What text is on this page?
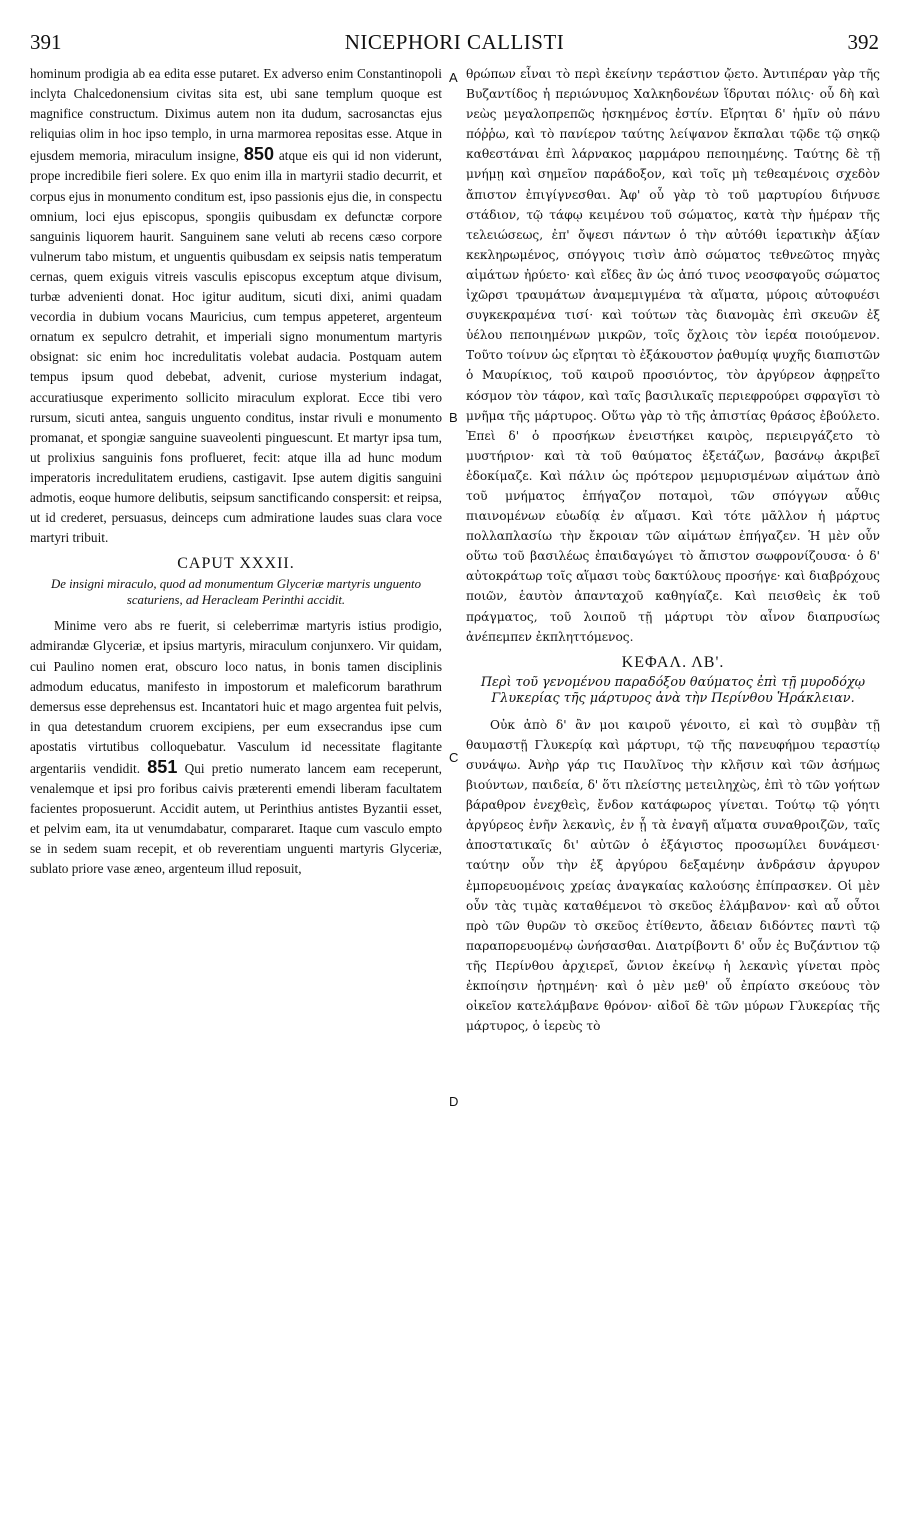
391	NICEPHORI CALLISTI	392
A
B
C
D

hominum prodigia ab ea edita esse putaret. Ex adverso enim Constantinopoli inclyta Chalcedonensium civitas sita est, ubi sane templum quoque est magnifice constructum. Diximus autem non ita dudum, sacrosanctas ejus reliquias olim in hoc ipso templo, in urna marmorea repositas esse. Atque in ejusdem memoria, miraculum insigne, 850 atque eis qui id non viderunt, prope incredibile fieri solere. Ex quo enim illa in martyrii stadio decurrit, et corpus ejus in monumento conditum est, ipso passionis ejus die, in conspectu omnium, loci ejus episcopus, spongiis quibusdam ex defunctæ corpore sanguinis liquorem haurit. Sanguinem sane veluti ab recens cæso corpore vulnerum tabo mistum, et unguentis quibusdam ex seipsis natis temperatum cernas, quem exiguis vitreis vasculis episcopus exceptum atque divisum, turbæ advenienti donat. Hoc igitur auditum, sicuti dixi, animi quadam vecordia in dubium vocans Mauricius, cum tempus appeteret, argenteum ornatum ex sepulcro detrahit, et imperiali signo monumentum martyris obsignat: sic enim hoc incredulitatis volebat audacia. Postquam autem tempus ipsum quod debebat, advenit, curiose mysterium indagat, accuratiusque experimento sollicito miraculum explorat. Ecce tibi vero rursum, sicuti antea, sanguis unguento conditus, instar rivuli e monumento promanat, et spongiæ sanguine suaveolenti pinguescunt. Et martyr ipsa tum, ut prolixius sanguinis fons proflueret, fecit: atque illa ad hunc modum imperatoris incredulitatem erudiens, castigavit. Ipse autem digitis sanguini admotis, eoque humore delibutis, seipsum sanctificando conspersit: et reipsa, ut id crederet, persuasus, deinceps cum admiratione laudes suas clara voce martyri tribuit.

CAPUT XXXII.
De insigni miraculo, quod ad monumentum Glyceriæ martyris unguento scaturiens, ad Heracleam Perinthi accidit.

Minime vero abs re fuerit, si celeberrimæ martyris istius prodigio, admirandæ Glyceriæ, et ipsius martyris, miraculum conjunxero. Vir quidam, cui Paulino nomen erat, obscuro loco natus, in bonis tamen disciplinis admodum educatus, manifesto in impostorum et maleficorum barathrum demersus esse deprehensus est. Incantatori huic et mago argentea fuit pelvis, in qua detestandum cruorem excipiens, per eum exsecrandus ipse cum apostatis virtutibus colloquebatur. Vasculum id necessitate flagitante argentariis vendidit. 851 Qui pretio numerato lancem eam receperunt, venalemque et ipsi pro foribus caivis præterenti emendi liberam facultatem facientes proposuerunt. Accidit autem, ut Perinthius antistes Byzantii esset, et pelvim eam, ita ut venumdabatur, compararet. Itaque cum vasculo empto se in sedem suam recepit, et ob reverentiam unguenti martyris Glyceriæ, sublato priore vase æneo, argenteum illud reposuit,

θρώπων εἶναι τὸ περὶ ἐκείνην τεράστιον ᾤετο. Ἀντιπέραν γὰρ τῆς Βυζαντίδος ἡ περιώνυμος Χαλκηδονέων ἵδρυται πόλις· οὗ δὴ καὶ νεὼς μεγαλοπρεπῶς ἠσκημένος ἐστίν. Εἴρηται δ' ἡμῖν οὐ πάνυ πόῤῥω, καὶ τὸ πανίερον ταύτης λείψανον ἔκπαλαι τῷδε τῷ σηκῷ καθεστάναι ἐπὶ λάρνακος μαρμάρου πεποιημένης. Ταύτης δὲ τῇ μνήμῃ καὶ σημεῖον παράδοξον, καὶ τοῖς μὴ τεθεαμένοις σχεδὸν ἄπιστον ἐπιγίγνεσθαι. Ἀφ' οὗ γὰρ τὸ τοῦ μαρτυρίου διήνυσε στάδιον, τῷ τάφῳ κειμένου τοῦ σώματος, κατὰ τὴν ἡμέραν τῆς τελειώσεως, ἐπ' ὄψεσι πάντων ὁ τὴν αὐτόθι ἱερατικὴν ἀξίαν κεκληρωμένος, σπόγγοις τισὶν ἀπὸ σώματος τεθνεῶτος πηγὰς αἱμάτων ἠρύετο· καὶ εἴδες ἂν ὡς ἀπό τινος νεοσφαγοῦς σώματος ἰχῶρσι τραυμάτων ἀναμεμιγμένα τὰ αἵματα, μύροις αὐτοφυέσι συγκεκραμένα τισί· καὶ τούτων τὰς διανομὰς ἐπὶ σκευῶν ἐξ ὑέλου πεποιημένων μικρῶν, τοῖς ὄχλοις τὸν ἱερέα ποιούμενον. Τοῦτο τοίνυν ὡς εἴρηται τὸ ἐξάκουστον ῥαθυμίᾳ ψυχῆς διαπιστῶν ὁ Μαυρίκιος, τοῦ καιροῦ προσιόντος, τὸν ἀργύρεον ἀφῃρεῖτο κόσμον τὸν τάφον, καὶ ταῖς βασιλικαῖς περιεφρούρει σφραγῖσι τὸ μνῆμα τῆς μάρτυρος. Οὕτω γὰρ τὸ τῆς ἀπιστίας θράσος ἐβούλετο. Ἐπεὶ δ' ὁ προσήκων ἐνειστήκει καιρὸς, περιειργάζετο τὸ μυστήριον· καὶ τὰ τοῦ θαύματος ἐξετάζων, βασάνῳ ἀκριβεῖ ἐδοκίμαζε. Καὶ πάλιν ὡς πρότερον μεμυρισμένων αἱμάτων ἀπὸ τοῦ μνήματος ἐπήγαζον ποταμοὶ, τῶν σπόγγων αὖθις πιαινομένων εὐωδίᾳ ἐν αἵμασι. Καὶ τότε μᾶλλον ἡ μάρτυς πολλαπλασίω τὴν ἔκροιαν τῶν αἱμάτων ἐπήγαζεν. Ἡ μὲν οὖν οὕτω τοῦ βασιλέως ἐπαιδαγώγει τὸ ἄπιστον σωφρονίζουσα· ὁ δ' αὐτοκράτωρ τοῖς αἵμασι τοὺς δακτύλους προσήγε· καὶ διαβρόχους ποιῶν, ἑαυτὸν ἀπανταχοῦ καθηγίαζε. Καὶ πεισθεὶς ἐκ τοῦ πράγματος, τοῦ λοιποῦ τῇ μάρτυρι τὸν αἶνον διαπρυσίως ἀνέπεμπεν ἐκπληττόμενος.

ΚΕΦΑΛ. ΛΒ'.
Περὶ τοῦ γενομένου παραδόξου θαύματος ἐπὶ τῇ μυροδόχῳ Γλυκερίας τῆς μάρτυρος ἀνὰ τὴν Περίνθου Ἡράκλειαν.

Οὐκ ἀπὸ δ' ἂν μοι καιροῦ γένοιτο, εἰ καὶ τὸ συμβὰν τῇ θαυμαστῇ Γλυκερίᾳ καὶ μάρτυρι, τῷ τῆς πανευφήμου τεραστίῳ συνάψω. Ἀνὴρ γάρ τις Παυλῖνος τὴν κλῆσιν καὶ τῶν ἀσήμως βιούντων, παιδεία, δ' ὅτι πλείστης μετειληχὼς, ἐπὶ τὸ τῶν γοήτων βάραθρον ἐνεχθεὶς, ἔνδον κατάφωρος γίνεται. Τούτῳ τῷ γόητι ἀργύρεος ἐνῆν λεκανὶς, ἐν ᾗ τὰ ἐναγῆ αἵματα συναθροιζῶν, ταῖς ἀποστατικαῖς δι' αὐτῶν ὁ ἐξάγιστος προσωμίλει δυνάμεσι· ταύτην οὖν τὴν ἐξ ἀργύρου δεξαμένην ἀνδράσιν ἀργυρον ἐμπορευομένοις χρείας ἀναγκαίας καλούσης ἐπίπρασκεν. Οἱ μὲν οὖν τὰς τιμὰς καταθέμενοι τὸ σκεῦος ἐλάμβανον· καὶ αὖ οὗτοι πρὸ τῶν θυρῶν τὸ σκεῦος ἐτίθεντο, ἄδειαν διδόντες παντὶ τῷ παραπορευομένῳ ὠνήσασθαι. Διατρίβοντι δ' οὖν ἐς Βυζάντιον τῷ τῆς Περίνθου ἀρχιερεῖ, ὤνιον ἐκείνῳ ἡ λεκανὶς γίνεται πρὸς ἐκποίησιν ἠρτημένη· καὶ ὁ μὲν μεθ' οὗ ἐπρίατο σκεύους τὸν οἰκεῖον κατελάμβανε θρόνον· αἰδοῖ δὲ τῶν μύρων Γλυκερίας τῆς μάρτυρος, ὁ ἱερεὺς τὸ
